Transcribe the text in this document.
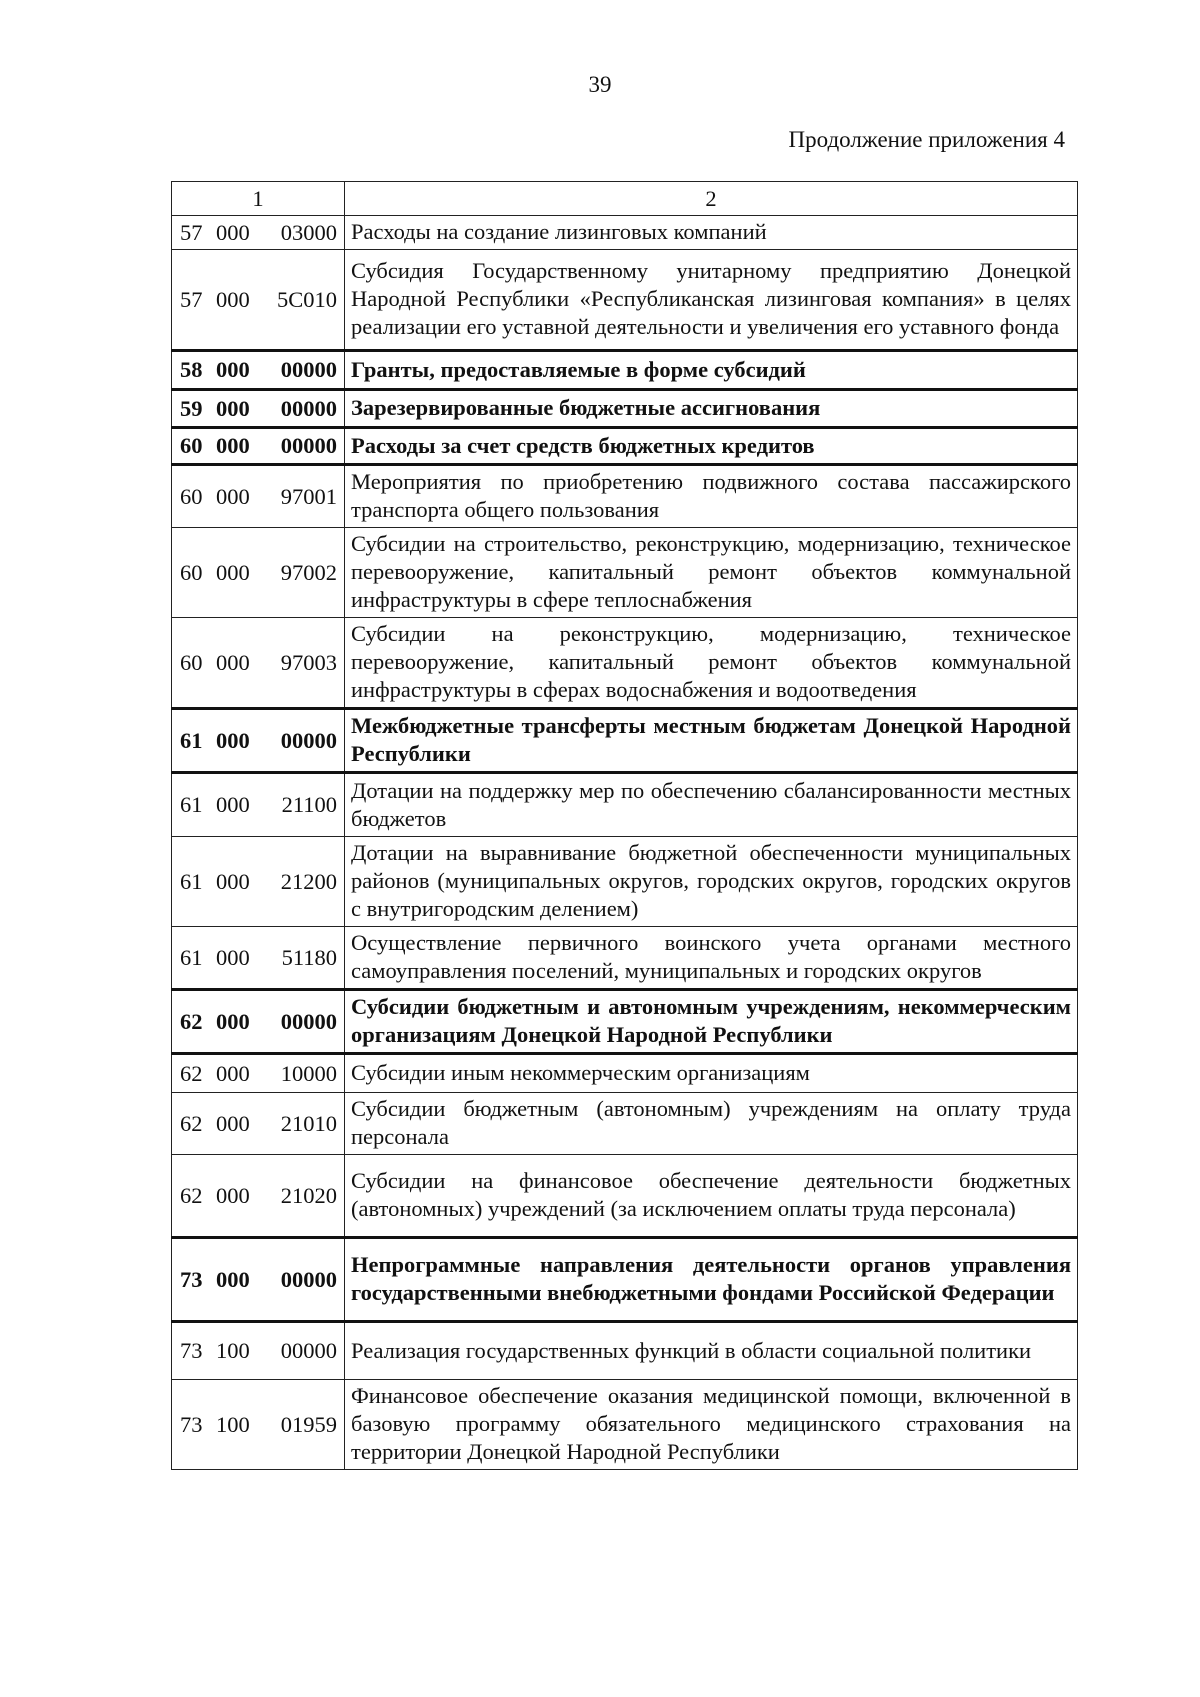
39
Продолжение приложения 4
1	2

57 000 03000	Расходы на создание лизинговых компаний

57 000 5С010	Субсидия Государственному унитарному предприятию Донецкой Народной Республики «Республиканская лизинговая компания» в целях реализации его уставной деятельности и увеличения его уставного фонда

58 000 00000	Гранты, предоставляемые в форме субсидий

59 000 00000	Зарезервированные бюджетные ассигнования

60 000 00000	Расходы за счет средств бюджетных кредитов

60 000 97001	Мероприятия по приобретению подвижного состава пассажирского транспорта общего пользования

60 000 97002	Субсидии на строительство, реконструкцию, модернизацию, техническое перевооружение, капитальный ремонт объектов коммунальной инфраструктуры в сфере теплоснабжения

60 000 97003	Субсидии на реконструкцию, модернизацию, техническое перевооружение, капитальный ремонт объектов коммунальной инфраструктуры в сферах водоснабжения и водоотведения

61 000 00000	Межбюджетные трансферты местным бюджетам Донецкой Народной Республики

61 000 21100	Дотации на поддержку мер по обеспечению сбалансированности местных бюджетов

61 000 21200	Дотации на выравнивание бюджетной обеспеченности муниципальных районов (муниципальных округов, городских округов, городских округов с внутригородским делением)

61 000 51180	Осуществление первичного воинского учета органами местного самоуправления поселений, муниципальных и городских округов

62 000 00000	Субсидии бюджетным и автономным учреждениям, некоммерческим организациям Донецкой Народной Республики

62 000 10000	Субсидии иным некоммерческим организациям

62 000 21010	Субсидии бюджетным (автономным) учреждениям на оплату труда персонала

62 000 21020	Субсидии на финансовое обеспечение деятельности бюджетных (автономных) учреждений (за исключением оплаты труда персонала)

73 000 00000	Непрограммные направления деятельности органов управления государственными внебюджетными фондами Российской Федерации

73 100 00000	Реализация государственных функций в области социальной политики

73 100 01959	Финансовое обеспечение оказания медицинской помощи, включенной в базовую программу обязательного медицинского страхования на территории Донецкой Народной Республики
